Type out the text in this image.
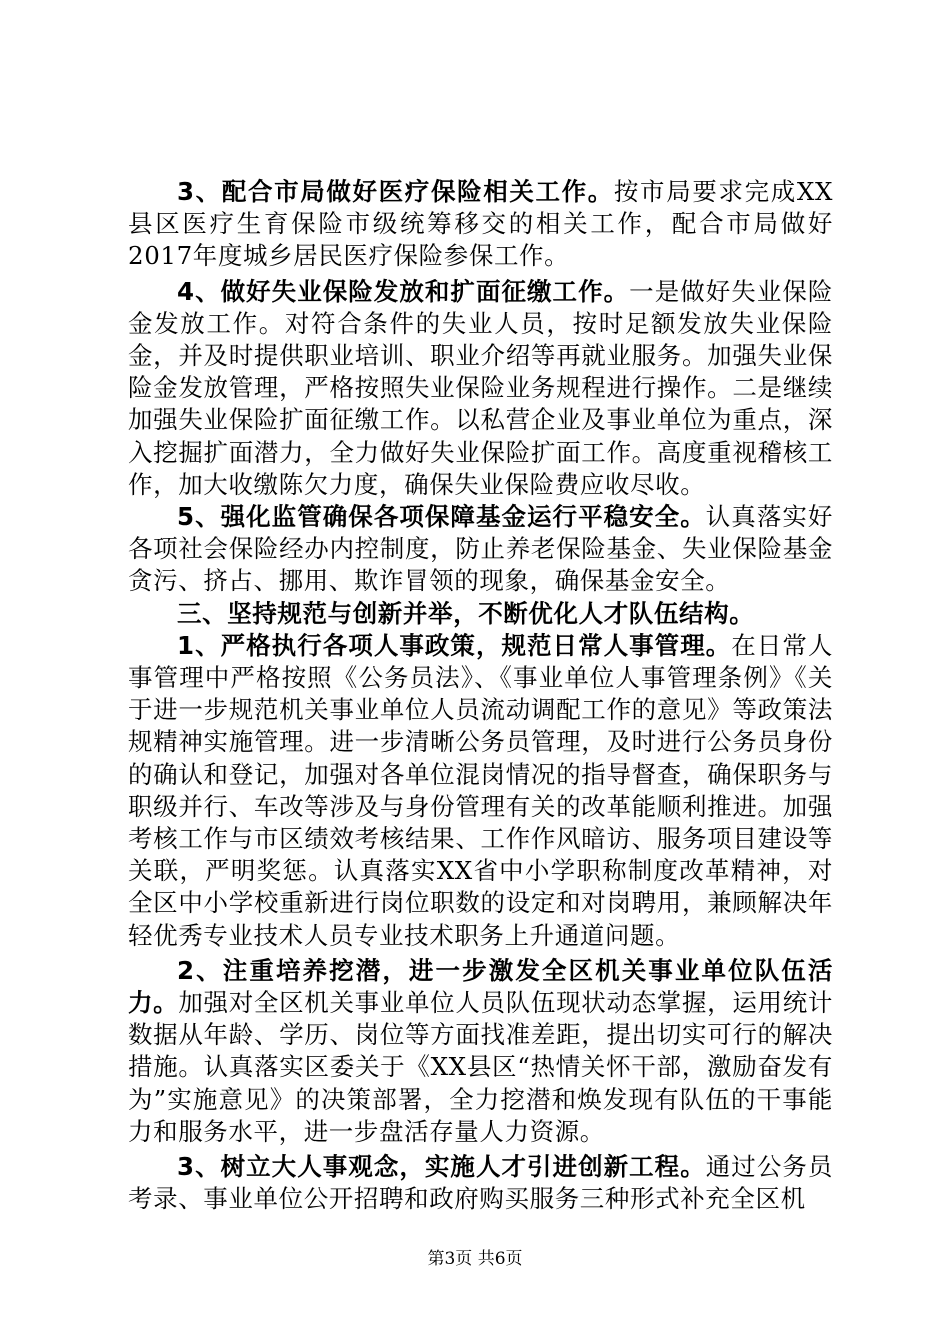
3、配合市局做好医疗保险相关工作。按市局要求完成XX县区医疗生育保险市级统筹移交的相关工作，配合市局做好2017年度城乡居民医疗保险参保工作。

4、做好失业保险发放和扩面征缴工作。一是做好失业保险金发放工作。对符合条件的失业人员，按时足额发放失业保险金，并及时提供职业培训、职业介绍等再就业服务。加强失业保险金发放管理，严格按照失业保险业务规程进行操作。二是继续加强失业保险扩面征缴工作。以私营企业及事业单位为重点，深入挖掘扩面潜力，全力做好失业保险扩面工作。高度重视稽核工作，加大收缴陈欠力度，确保失业保险费应收尽收。

5、强化监管确保各项保障基金运行平稳安全。认真落实好各项社会保险经办内控制度，防止养老保险基金、失业保险基金贪污、挤占、挪用、欺诈冒领的现象，确保基金安全。

三、坚持规范与创新并举，不断优化人才队伍结构。

1、严格执行各项人事政策，规范日常人事管理。在日常人事管理中严格按照《公务员法》、《事业单位人事管理条例》《关于进一步规范机关事业单位人员流动调配工作的意见》等政策法规精神实施管理。进一步清晰公务员管理，及时进行公务员身份的确认和登记，加强对各单位混岗情况的指导督查，确保职务与职级并行、车改等涉及与身份管理有关的改革能顺利推进。加强考核工作与市区绩效考核结果、工作作风暗访、服务项目建设等关联，严明奖惩。认真落实XX省中小学职称制度改革精神，对全区中小学校重新进行岗位职数的设定和对岗聘用，兼顾解决年轻优秀专业技术人员专业技术职务上升通道问题。

2、注重培养挖潜，进一步激发全区机关事业单位队伍活力。加强对全区机关事业单位人员队伍现状动态掌握，运用统计数据从年龄、学历、岗位等方面找准差距，提出切实可行的解决措施。认真落实区委关于《XX县区“热情关怀干部，激励奋发有为”实施意见》的决策部署，全力挖潜和焕发现有队伍的干事能力和服务水平，进一步盘活存量人力资源。

3、树立大人事观念，实施人才引进创新工程。通过公务员考录、事业单位公开招聘和政府购买服务三种形式补充全区机

第3页 共6页
